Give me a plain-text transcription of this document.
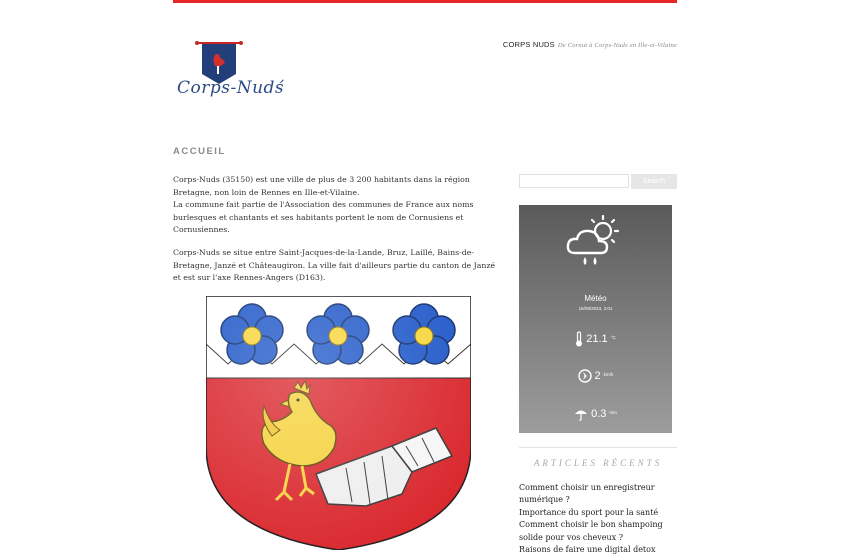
Corps-Nudś
CORPS NUDS De Cornut à Corps-Nuds en Ille-et-Vilaine
ACCUEIL

Corps-Nuds (35150) est une ville de plus de 3 200 habitants dans la région Bretagne, non loin de Rennes en Ille-et-Vilaine.
La commune fait partie de l'Association des communes de France aux noms burlesques et chantants et ses habitants portent le nom de Cornusiens et Cornusiennes.

Corps-Nuds se situe entre Saint-Jacques-de-la-Lande, Bruz, Laillé, Bains-de-Bretagne, Janzé et Châteaugiron. La ville fait d'ailleurs partie du canton de Janzé et est sur l'axe Rennes-Angers (D163).

Search
Météo
16/09/2023, 2:01
21.1 $^{^\circ C}$
2 $^{km/h}$
0.3 $^{mm}$
ARTICLES RÉCENTS
Comment choisir un enregistreur numérique ?
Importance du sport pour la santé
Comment choisir le bon shampoing solide pour vos cheveux ?
Raisons de faire une digital detox
